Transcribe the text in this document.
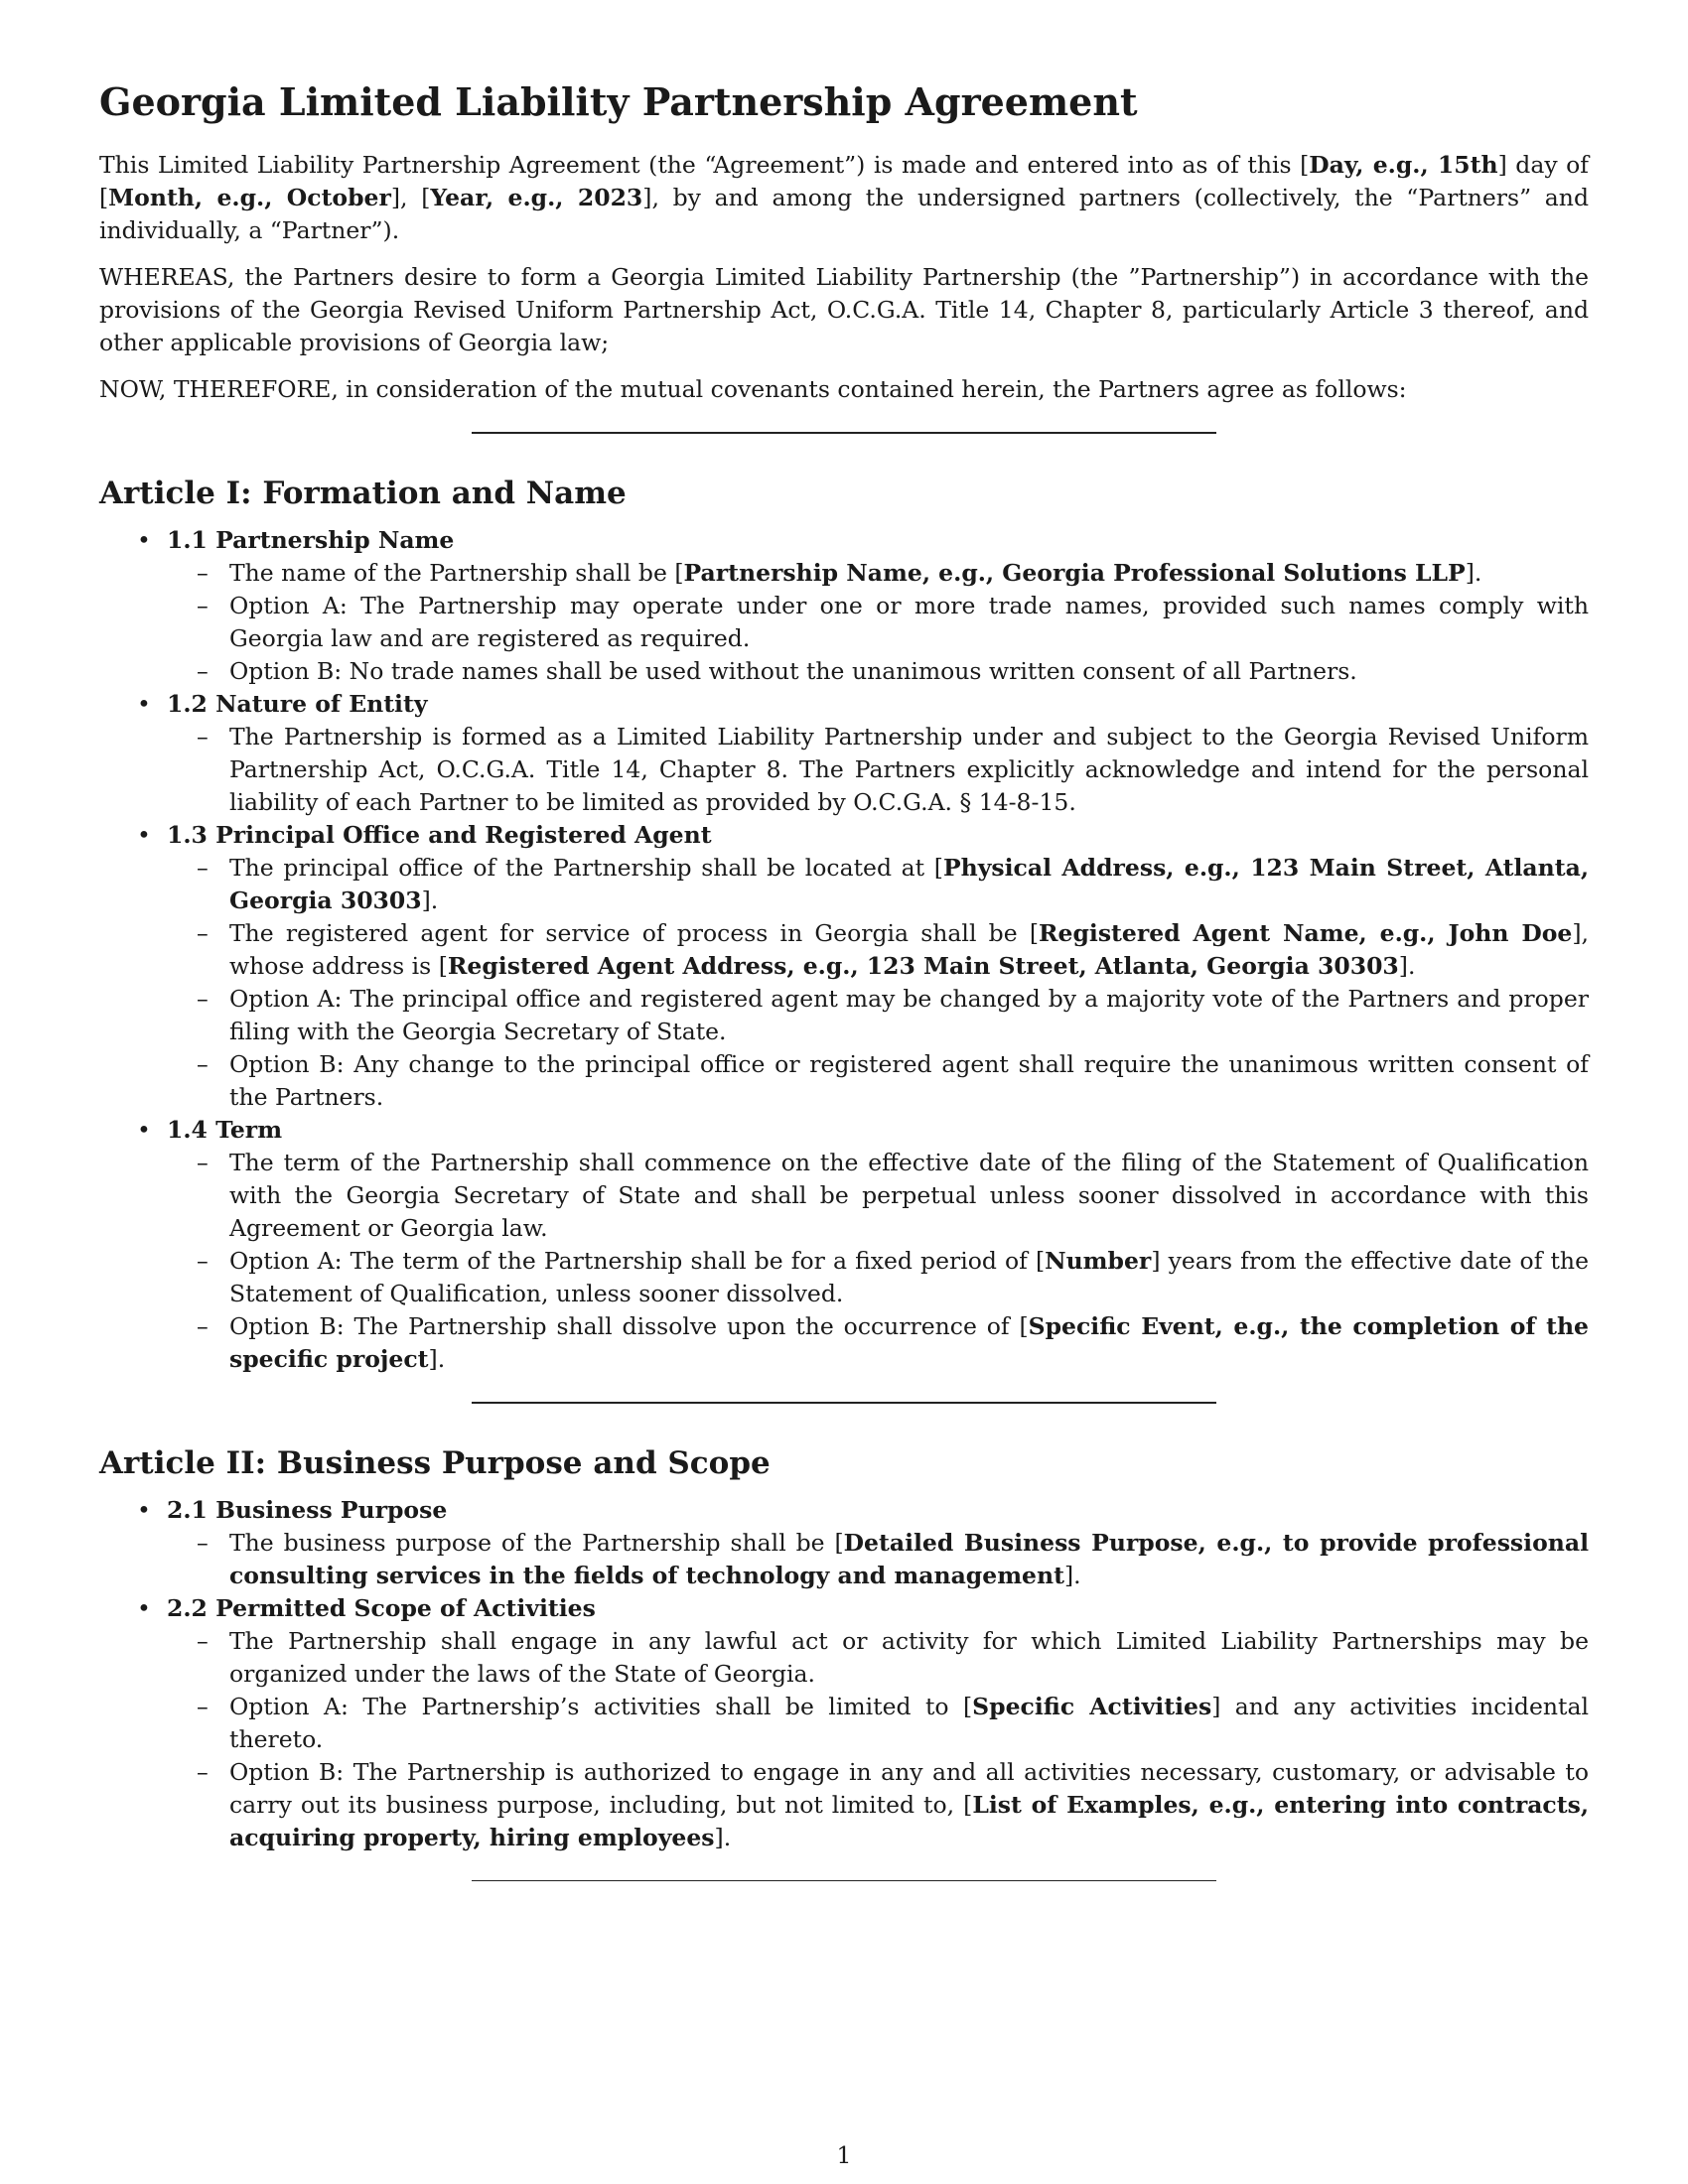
Georgia Limited Liability Partnership Agreement

This Limited Liability Partnership Agreement (the “Agreement”) is made and entered into as of this [Day, e.g., 15th] day of [Month, e.g., October], [Year, e.g., 2023], by and among the undersigned partners (collectively, the “Partners” and individually, a “Partner”).

WHEREAS, the Partners desire to form a Georgia Limited Liability Partnership (the ”Partnership”) in accordance with the provisions of the Georgia Revised Uniform Partnership Act, O.C.G.A. Title 14, Chapter 8, particularly Article 3 thereof, and other applicable provisions of Georgia law;

NOW, THEREFORE, in consideration of the mutual covenants contained herein, the Partners agree as follows:

Article I: Formation and Name
• 1.1 Partnership Name
– The name of the Partnership shall be [Partnership Name, e.g., Georgia Professional Solutions LLP].
– Option A: The Partnership may operate under one or more trade names, provided such names comply with Georgia law and are registered as required.
– Option B: No trade names shall be used without the unanimous written consent of all Partners.
• 1.2 Nature of Entity
– The Partnership is formed as a Limited Liability Partnership under and subject to the Georgia Revised Uniform Partnership Act, O.C.G.A. Title 14, Chapter 8. The Partners explicitly acknowledge and intend for the personal liability of each Partner to be limited as provided by O.C.G.A. § 14-8-15.
• 1.3 Principal Office and Registered Agent
– The principal office of the Partnership shall be located at [Physical Address, e.g., 123 Main Street, Atlanta, Georgia 30303].
– The registered agent for service of process in Georgia shall be [Registered Agent Name, e.g., John Doe], whose address is [Registered Agent Address, e.g., 123 Main Street, Atlanta, Georgia 30303].
– Option A: The principal office and registered agent may be changed by a majority vote of the Partners and proper filing with the Georgia Secretary of State.
– Option B: Any change to the principal office or registered agent shall require the unanimous written consent of the Partners.
• 1.4 Term
– The term of the Partnership shall commence on the effective date of the filing of the Statement of Qualification with the Georgia Secretary of State and shall be perpetual unless sooner dissolved in accordance with this Agreement or Georgia law.
– Option A: The term of the Partnership shall be for a fixed period of [Number] years from the effective date of the Statement of Qualification, unless sooner dissolved.
– Option B: The Partnership shall dissolve upon the occurrence of [Specific Event, e.g., the completion of the specific project].
Article II: Business Purpose and Scope
• 2.1 Business Purpose
– The business purpose of the Partnership shall be [Detailed Business Purpose, e.g., to provide professional consulting services in the fields of technology and management].
• 2.2 Permitted Scope of Activities
– The Partnership shall engage in any lawful act or activity for which Limited Liability Partnerships may be organized under the laws of the State of Georgia.
– Option A: The Partnership’s activities shall be limited to [Specific Activities] and any activities incidental thereto.
– Option B: The Partnership is authorized to engage in any and all activities necessary, customary, or advisable to carry out its business purpose, including, but not limited to, [List of Examples, e.g., entering into contracts, acquiring property, hiring employees].
1
